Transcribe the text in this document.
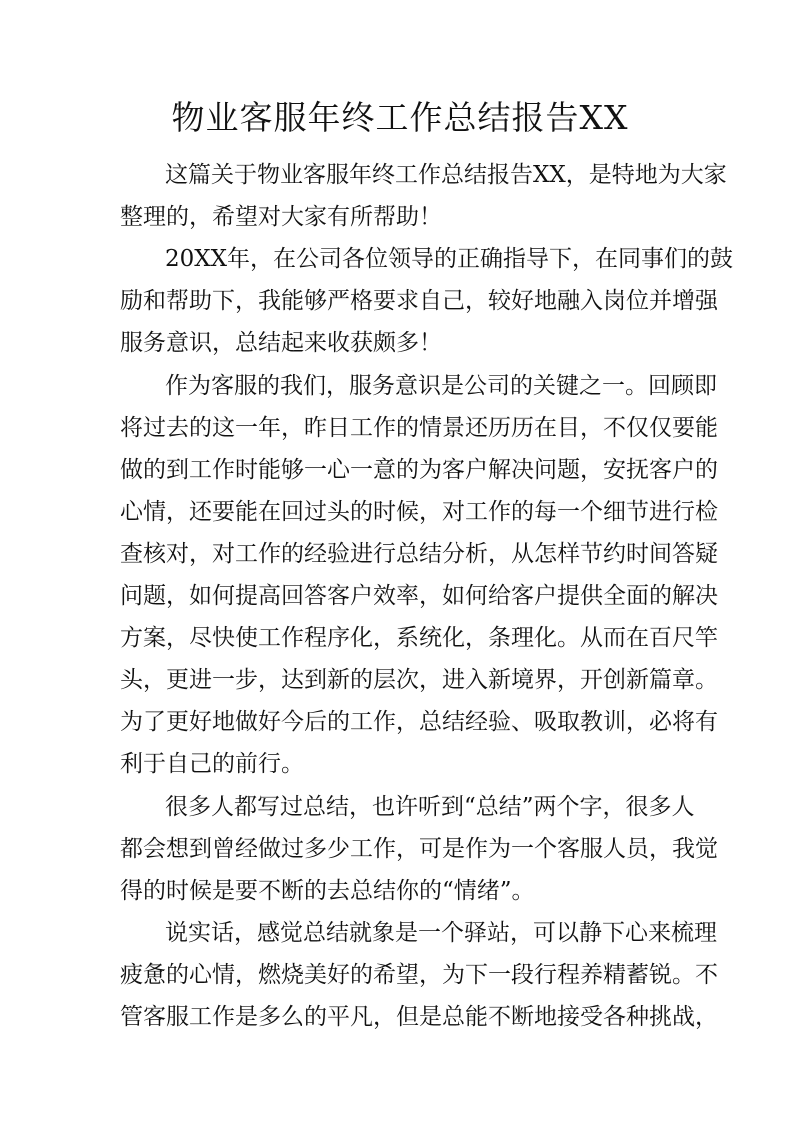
物业客服年终工作总结报告XX

这篇关于物业客服年终工作总结报告XX，是特地为大家

整理的，希望对大家有所帮助！

20XX年，在公司各位领导的正确指导下，在同事们的鼓

励和帮助下，我能够严格要求自己，较好地融入岗位并增强

服务意识，总结起来收获颇多！

作为客服的我们，服务意识是公司的关键之一。回顾即

将过去的这一年，昨日工作的情景还历历在目，不仅仅要能

做的到工作时能够一心一意的为客户解决问题，安抚客户的

心情，还要能在回过头的时候，对工作的每一个细节进行检

查核对，对工作的经验进行总结分析，从怎样节约时间答疑

问题，如何提高回答客户效率，如何给客户提供全面的解决

方案，尽快使工作程序化，系统化，条理化。从而在百尺竿

头，更进一步，达到新的层次，进入新境界，开创新篇章。

为了更好地做好今后的工作，总结经验、吸取教训，必将有

利于自己的前行。

很多人都写过总结，也许听到“总结”两个字，很多人

都会想到曾经做过多少工作，可是作为一个客服人员，我觉

得的时候是要不断的去总结你的“情绪”。

说实话，感觉总结就象是一个驿站，可以静下心来梳理

疲惫的心情，燃烧美好的希望，为下一段行程养精蓄锐。不

管客服工作是多么的平凡，但是总能不断地接受各种挑战，
